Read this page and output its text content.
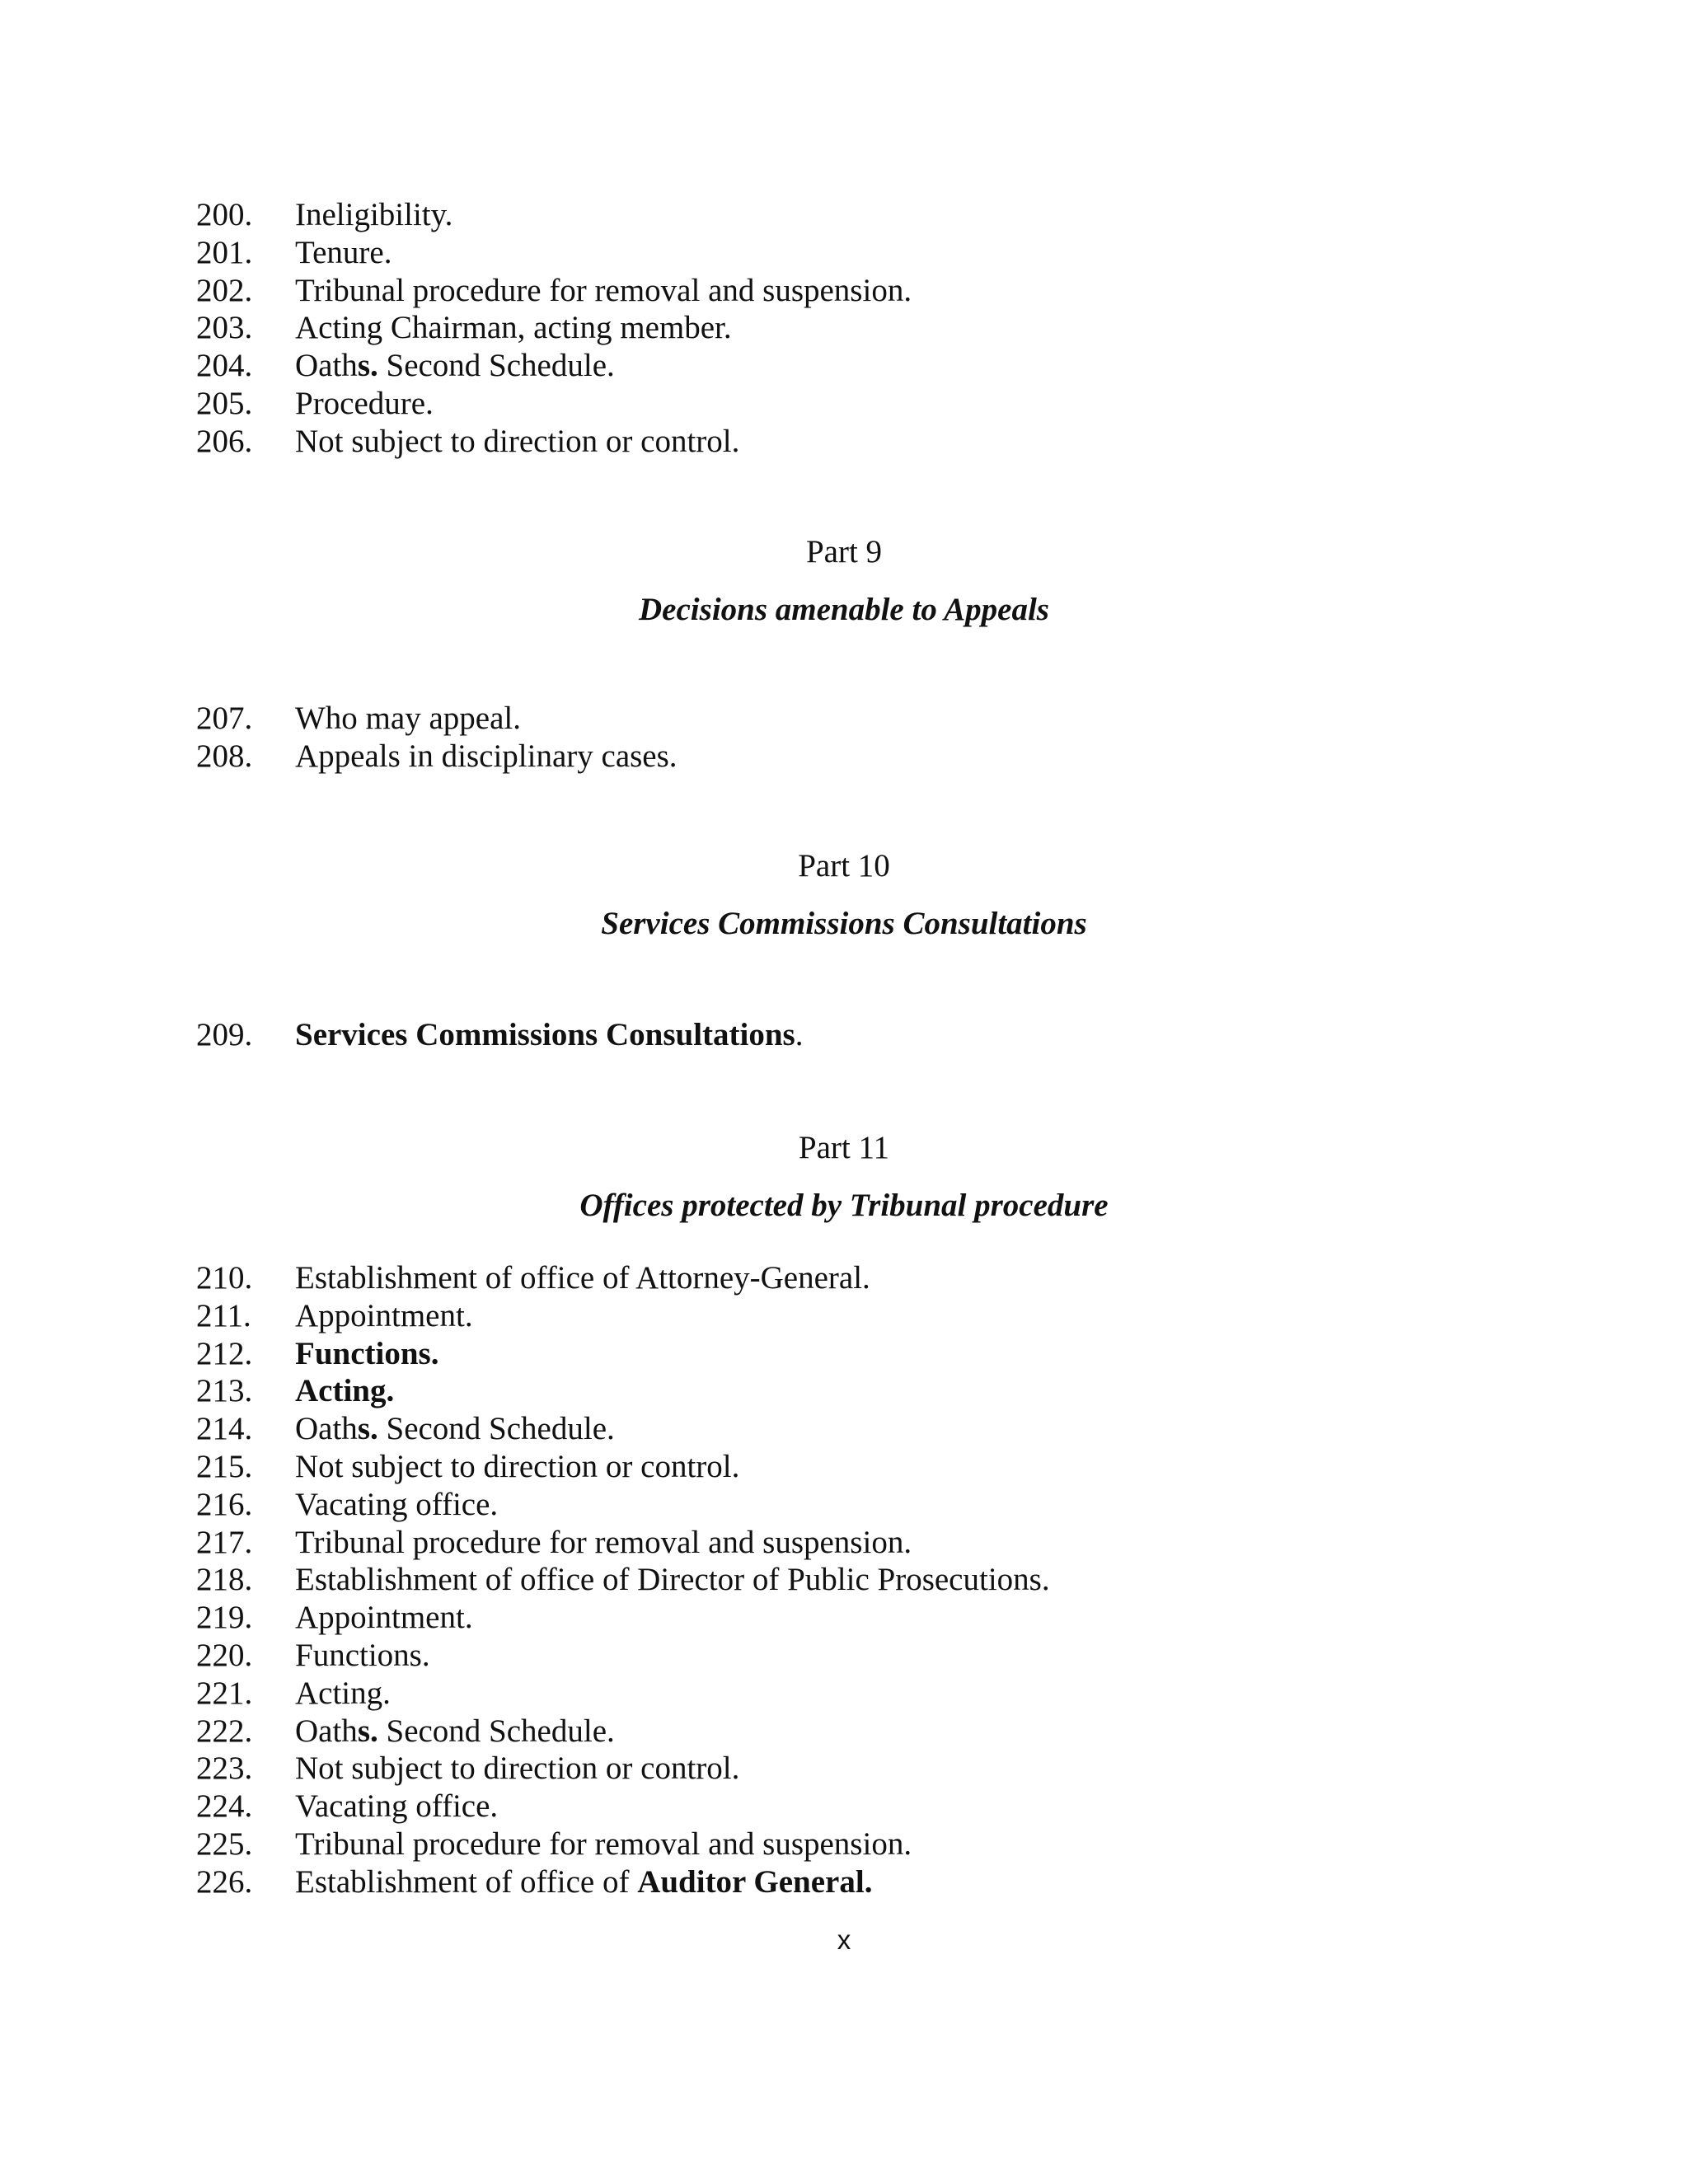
200.	Ineligibility.
201.	Tenure.
202.	Tribunal procedure for removal and suspension.
203.	Acting Chairman, acting member.
204.	Oaths. Second Schedule.
205.	Procedure.
206.	Not subject to direction or control.
Part 9
Decisions amenable to Appeals
207.	Who may appeal.
208.	Appeals in disciplinary cases.
Part 10
Services Commissions Consultations
209.	Services Commissions Consultations.
Part 11
Offices protected by Tribunal procedure
210.	Establishment of office of Attorney-General.
211.	Appointment.
212.	Functions.
213.	Acting.
214.	Oaths. Second Schedule.
215.	Not subject to direction or control.
216.	Vacating office.
217.	Tribunal procedure for removal and suspension.
218.	Establishment of office of Director of Public Prosecutions.
219.	Appointment.
220.	Functions.
221.	Acting.
222.	Oaths. Second Schedule.
223.	Not subject to direction or control.
224.	Vacating office.
225.	Tribunal procedure for removal and suspension.
226.	Establishment of office of Auditor General.
x
